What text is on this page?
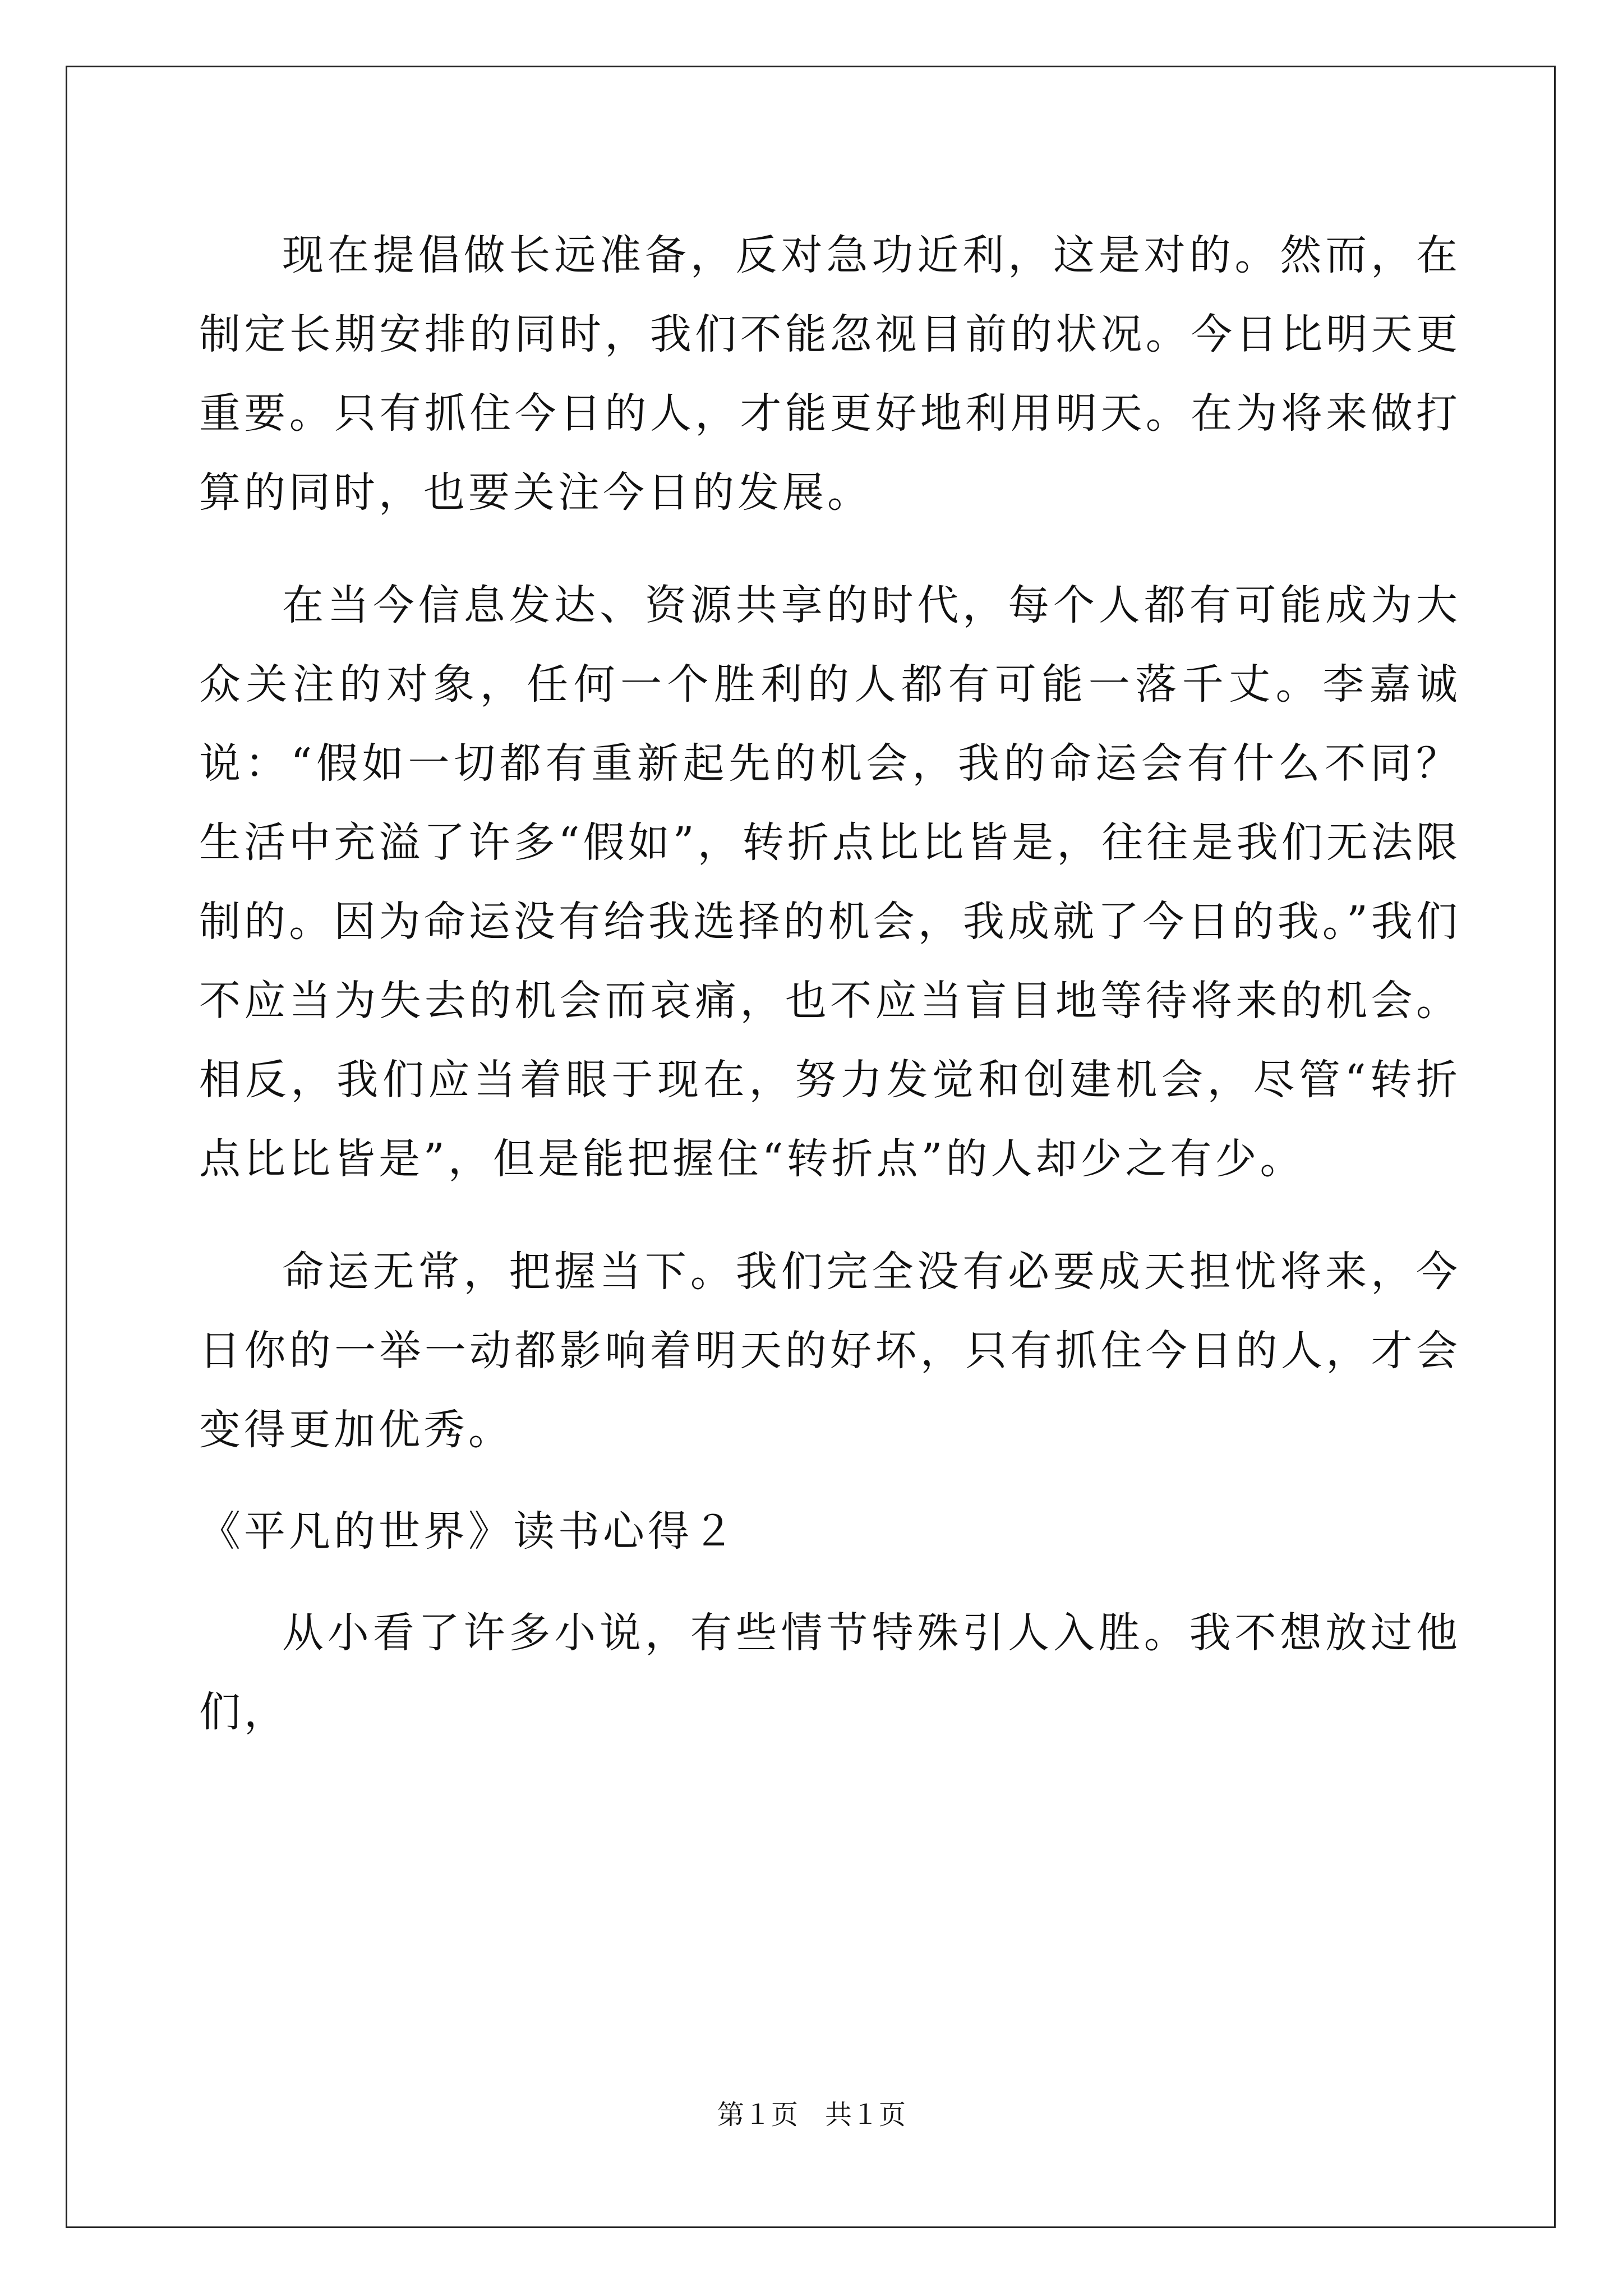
现在提倡做长远准备，反对急功近利，这是对的。然而，在制定长期安排的同时，我们不能忽视目前的状况。今日比明天更重要。只有抓住今日的人，才能更好地利用明天。在为将来做打算的同时，也要关注今日的发展。

在当今信息发达、资源共享的时代，每个人都有可能成为大众关注的对象，任何一个胜利的人都有可能一落千丈。李嘉诚说：“假如一切都有重新起先的机会，我的命运会有什么不同？生活中充溢了许多“假如”，转折点比比皆是，往往是我们无法限制的。因为命运没有给我选择的机会，我成就了今日的我。”我们不应当为失去的机会而哀痛，也不应当盲目地等待将来的机会。相反，我们应当着眼于现在，努力发觉和创建机会，尽管“转折点比比皆是”，但是能把握住“转折点”的人却少之有少。

命运无常，把握当下。我们完全没有必要成天担忧将来，今日你的一举一动都影响着明天的好坏，只有抓住今日的人，才会变得更加优秀。

《平凡的世界》读书心得２

从小看了许多小说，有些情节特殊引人入胜。我不想放过他们，

第１页　共１页
